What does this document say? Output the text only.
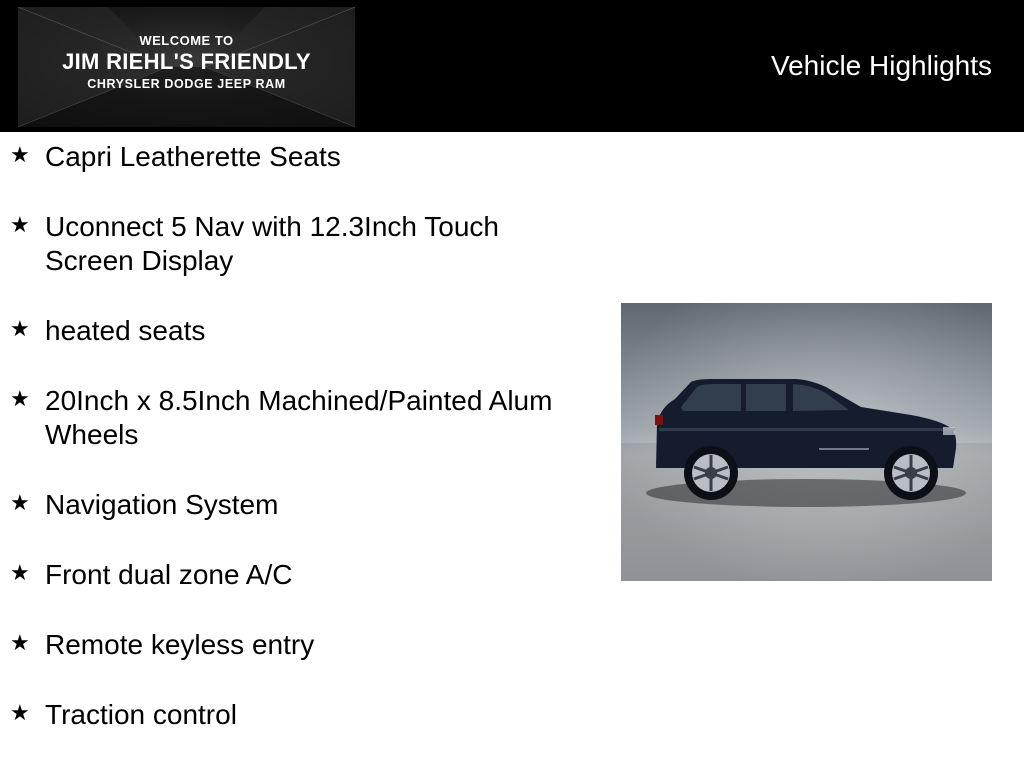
WELCOME TO
JIM RIEHL'S FRIENDLY
CHRYSLER DODGE JEEP RAM
Vehicle Highlights
★ Capri Leatherette Seats
★ Uconnect 5 Nav with 12.3Inch Touch Screen Display
★ heated seats
★ 20Inch x 8.5Inch Machined/Painted Alum Wheels
★ Navigation System
★ Front dual zone A/C
★ Remote keyless entry
★ Traction control
